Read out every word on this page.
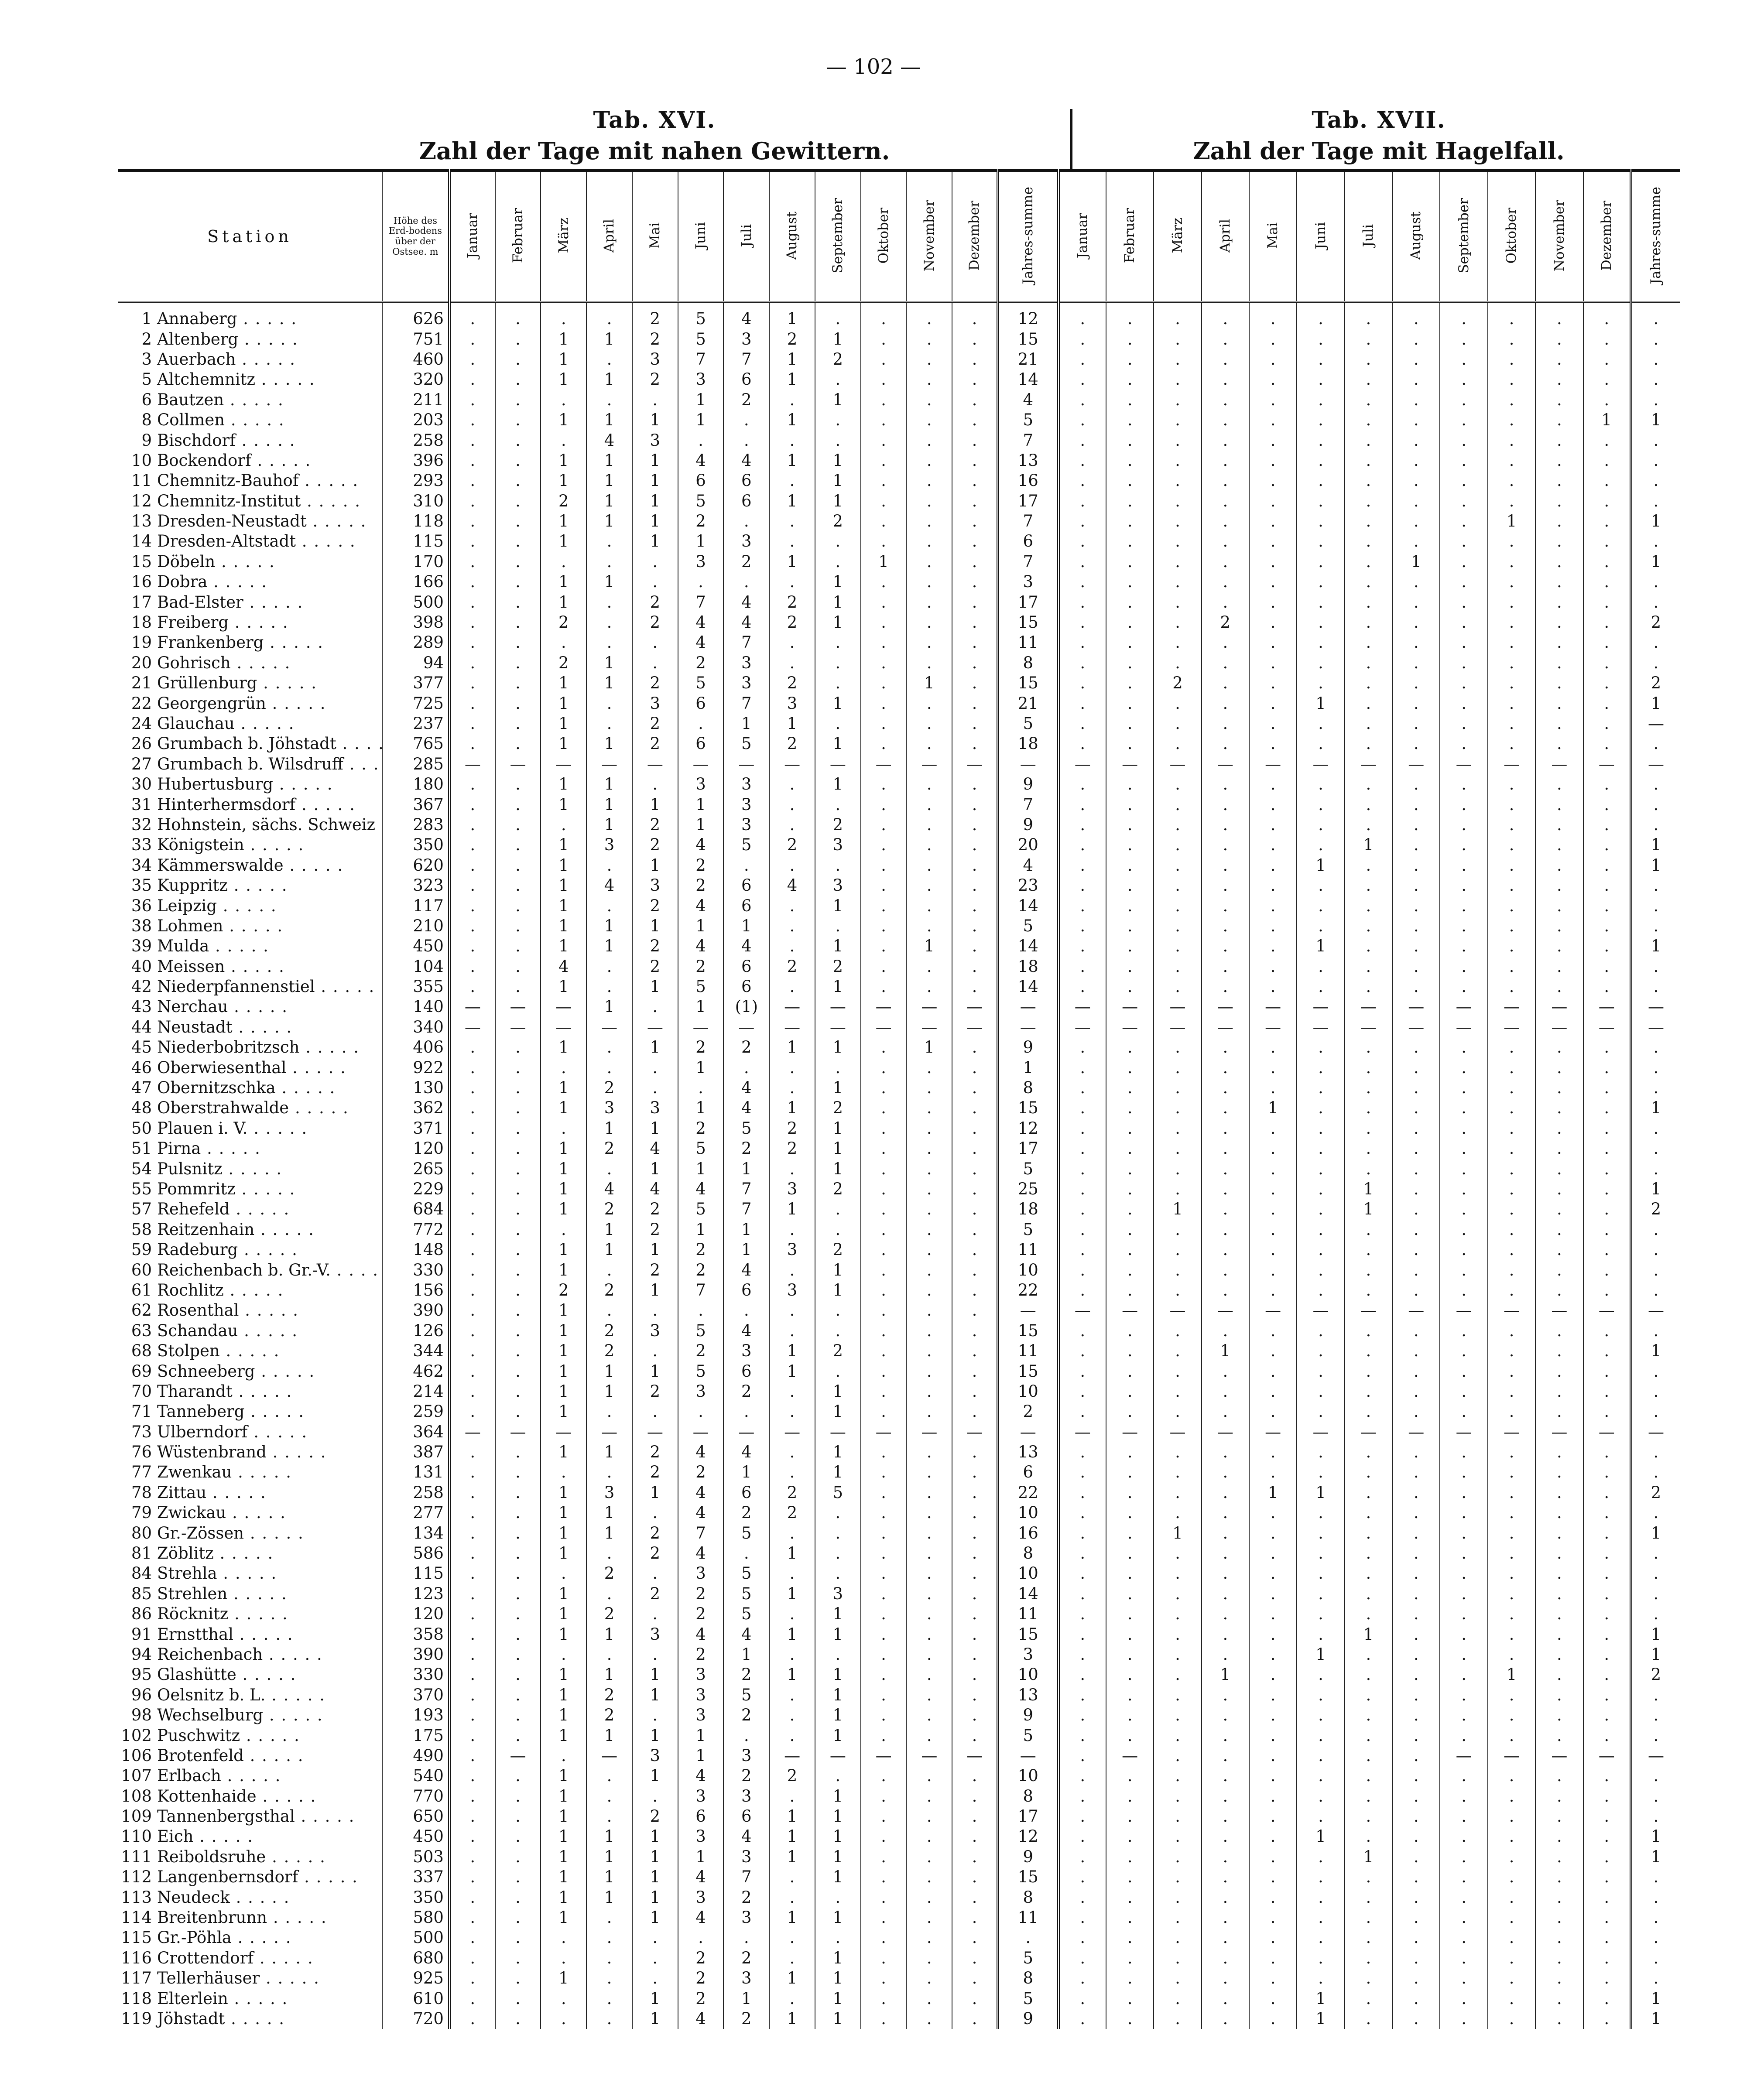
— 102 —
Tab. XVI.
Zahl der Tage mit nahen Gewittern.
Tab. XVII.
Zahl der Tage mit Hagelfall.
Station	Höhe des Erd-bodens über der Ostsee. m	Januar	Februar	März	April	Mai	Juni	Juli	August	September	Oktober	November	Dezember	Jahres-summe	Januar	Februar	März	April	Mai	Juni	Juli	August	September	Oktober	November	Dezember	Jahres-summe
1 Annaberg . .	626	.	.	.	.	2	5	4	1	.	.	.	.	12	.	.	.	.	.	.	.	.	.	.	.	.	.
2 Altenberg . .	751	.	.	1	1	2	5	3	2	1	.	.	.	15	.	.	.	.	.	.	.	.	.	.	.	.	.
3 Auerbach . .	460	.	.	1	.	3	7	7	1	2	.	.	.	21	.	.	.	.	.	.	.	.	.	.	.	.	.
5 Altchemnitz . .	320	.	.	1	1	2	3	6	1	.	.	.	.	14	.	.	.	.	.	.	.	.	.	.	.	.	.
6 Bautzen . .	211	.	.	.	.	.	1	2	.	1	.	.	.	4	.	.	.	.	.	.	.	.	.	.	.	.	.
8 Collmen . .	203	.	.	1	1	1	1	.	1	.	.	.	.	5	.	.	.	.	.	.	.	.	.	.	.	1	1
9 Bischdorf . .	258	.	.	.	4	3	.	.	.	.	.	.	.	7	.	.	.	.	.	.	.	.	.	.	.	.	.
10 Bockendorf . .	396	.	.	1	1	1	4	4	1	1	.	.	.	13	.	.	.	.	.	.	.	.	.	.	.	.	.
11 Chemnitz-Bauhof . .	293	.	.	1	1	1	6	6	.	1	.	.	.	16	.	.	.	.	.	.	.	.	.	.	.	.	.
12 Chemnitz-Institut . .	310	.	.	2	1	1	5	6	1	1	.	.	.	17	.	.	.	.	.	.	.	.	.	.	.	.	.
13 Dresden-Neustadt . .	118	.	.	1	1	1	2	.	.	2	.	.	.	7	.	.	.	.	.	.	.	.	.	1	.	.	1
14 Dresden-Altstadt . .	115	.	.	1	.	1	1	3	.	.	.	.	.	6	.	.	.	.	.	.	.	.	.	.	.	.	.
15 Döbeln . .	170	.	.	.	.	.	3	2	1	.	1	.	.	7	.	.	.	.	.	.	.	1	.	.	.	.	1
16 Dobra . .	166	.	.	1	1	.	.	.	.	1	.	.	.	3	.	.	.	.	.	.	.	.	.	.	.	.	.
17 Bad-Elster . .	500	.	.	1	.	2	7	4	2	1	.	.	.	17	.	.	.	.	.	.	.	.	.	.	.	.	.
18 Freiberg . .	398	.	.	2	.	2	4	4	2	1	.	.	.	15	.	.	.	2	.	.	.	.	.	.	.	.	2
19 Frankenberg . .	289	.	.	.	.	.	4	7	.	.	.	.	.	11	.	.	.	.	.	.	.	.	.	.	.	.	.
20 Gohrisch . .	94	.	.	2	1	.	2	3	.	.	.	.	.	8	.	.	.	.	.	.	.	.	.	.	.	.	.
21 Grüllenburg . .	377	.	.	1	1	2	5	3	2	.	.	1	.	15	.	.	2	.	.	.	.	.	.	.	.	.	2
22 Georgengrün . .	725	.	.	1	.	3	6	7	3	1	.	.	.	21	.	.	.	.	.	1	.	.	.	.	.	.	1
24 Glauchau . .	237	.	.	1	.	2	.	1	1	.	.	.	.	5	.	.	.	.	.	.	.	.	.	.	.	.	—
26 Grumbach b. Jöhstadt . .	765	.	.	1	1	2	6	5	2	1	.	.	.	18	.	.	.	.	.	.	.	.	.	.	.	.	.
27 Grumbach b. Wilsdruff . .	285	—	—	—	—	—	—	—	—	—	—	—	—	—	—	—	—	—	—	—	—	—	—	—	—	—	—
30 Hubertusburg . .	180	.	.	1	1	.	3	3	.	1	.	.	.	9	.	.	.	.	.	.	.	.	.	.	.	.	.
31 Hinterhermsdorf . .	367	.	.	1	1	1	1	3	.	.	.	.	.	7	.	.	.	.	.	.	.	.	.	.	.	.	.
32 Hohnstein, sächs. Schweiz . .	283	.	.	.	1	2	1	3	.	2	.	.	.	9	.	.	.	.	.	.	.	.	.	.	.	.	.
33 Königstein . .	350	.	.	1	3	2	4	5	2	3	.	.	.	20	.	.	.	.	.	.	1	.	.	.	.	.	1
34 Kämmerswalde . .	620	.	.	1	.	1	2	.	.	.	.	.	.	4	.	.	.	.	.	1	.	.	.	.	.	.	1
35 Kuppritz . .	323	.	.	1	4	3	2	6	4	3	.	.	.	23	.	.	.	.	.	.	.	.	.	.	.	.	.
36 Leipzig . .	117	.	.	1	.	2	4	6	.	1	.	.	.	14	.	.	.	.	.	.	.	.	.	.	.	.	.
38 Lohmen . .	210	.	.	1	1	1	1	1	.	.	.	.	.	5	.	.	.	.	.	.	.	.	.	.	.	.	.
39 Mulda . .	450	.	.	1	1	2	4	4	.	1	.	1	.	14	.	.	.	.	.	1	.	.	.	.	.	.	1
40 Meissen . .	104	.	.	4	.	2	2	6	2	2	.	.	.	18	.	.	.	.	.	.	.	.	.	.	.	.	.
42 Niederpfannenstiel . .	355	.	.	1	.	1	5	6	.	1	.	.	.	14	.	.	.	.	.	.	.	.	.	.	.	.	.
43 Nerchau . .	140	—	—	—	1	.	1	(1)	—	—	—	—	—	—	—	—	—	—	—	—	—	—	—	—	—	—	—
44 Neustadt . .	340	—	—	—	—	—	—	—	—	—	—	—	—	—	—	—	—	—	—	—	—	—	—	—	—	—	—
45 Niederbobritzsch . .	406	.	.	1	.	1	2	2	1	1	.	1	.	9	.	.	.	.	.	.	.	.	.	.	.	.	.
46 Oberwiesenthal . .	922	.	.	.	.	.	1	.	.	.	.	.	.	1	.	.	.	.	.	.	.	.	.	.	.	.	.
47 Obernitzschka . .	130	.	.	1	2	.	.	4	.	1	.	.	.	8	.	.	.	.	.	.	.	.	.	.	.	.	.
48 Oberstrahwalde . .	362	.	.	1	3	3	1	4	1	2	.	.	.	15	.	.	.	.	1	.	.	.	.	.	.	.	1
50 Plauen i. V. . .	371	.	.	.	1	1	2	5	2	1	.	.	.	12	.	.	.	.	.	.	.	.	.	.	.	.	.
51 Pirna . .	120	.	.	1	2	4	5	2	2	1	.	.	.	17	.	.	.	.	.	.	.	.	.	.	.	.	.
54 Pulsnitz . .	265	.	.	1	.	1	1	1	.	1	.	.	.	5	.	.	.	.	.	.	.	.	.	.	.	.	.
55 Pommritz . .	229	.	.	1	4	4	4	7	3	2	.	.	.	25	.	.	.	.	.	.	1	.	.	.	.	.	1
57 Rehefeld . .	684	.	.	1	2	2	5	7	1	.	.	.	.	18	.	.	1	.	.	.	1	.	.	.	.	.	2
58 Reitzenhain . .	772	.	.	.	1	2	1	1	.	.	.	.	.	5	.	.	.	.	.	.	.	.	.	.	.	.	.
59 Radeburg . .	148	.	.	1	1	1	2	1	3	2	.	.	.	11	.	.	.	.	.	.	.	.	.	.	.	.	.
60 Reichenbach b. Gr.-V. . .	330	.	.	1	.	2	2	4	.	1	.	.	.	10	.	.	.	.	.	.	.	.	.	.	.	.	.
61 Rochlitz . .	156	.	.	2	2	1	7	6	3	1	.	.	.	22	.	.	.	.	.	.	.	.	.	.	.	.	.
62 Rosenthal . .	390	.	.	1	.	.	.	.	.	.	.	.	.	—	—	—	—	—	—	—	—	—	—	—	—	—	—
63 Schandau . .	126	.	.	1	2	3	5	4	.	.	.	.	.	15	.	.	.	.	.	.	.	.	.	.	.	.	.
68 Stolpen . .	344	.	.	1	2	.	2	3	1	2	.	.	.	11	.	.	.	1	.	.	.	.	.	.	.	.	1
69 Schneeberg . .	462	.	.	1	1	1	5	6	1	.	.	.	.	15	.	.	.	.	.	.	.	.	.	.	.	.	.
70 Tharandt . .	214	.	.	1	1	2	3	2	.	1	.	.	.	10	.	.	.	.	.	.	.	.	.	.	.	.	.
71 Tanneberg . .	259	.	.	1	.	.	.	.	.	1	.	.	.	2	.	.	.	.	.	.	.	.	.	.	.	.	.
73 Ulberndorf . .	364	—	—	—	—	—	—	—	—	—	—	—	—	—	—	—	—	—	—	—	—	—	—	—	—	—	—
76 Wüstenbrand . .	387	.	.	1	1	2	4	4	.	1	.	.	.	13	.	.	.	.	.	.	.	.	.	.	.	.	.
77 Zwenkau . .	131	.	.	.	.	2	2	1	.	1	.	.	.	6	.	.	.	.	.	.	.	.	.	.	.	.	.
78 Zittau . .	258	.	.	1	3	1	4	6	2	5	.	.	.	22	.	.	.	.	1	1	.	.	.	.	.	.	2
79 Zwickau . .	277	.	.	1	1	.	4	2	2	.	.	.	.	10	.	.	.	.	.	.	.	.	.	.	.	.	.
80 Gr.-Zössen . .	134	.	.	1	1	2	7	5	.	.	.	.	.	16	.	.	1	.	.	.	.	.	.	.	.	.	1
81 Zöblitz . .	586	.	.	1	.	2	4	.	1	.	.	.	.	8	.	.	.	.	.	.	.	.	.	.	.	.	.
84 Strehla . .	115	.	.	.	2	.	3	5	.	.	.	.	.	10	.	.	.	.	.	.	.	.	.	.	.	.	.
85 Strehlen . .	123	.	.	1	.	2	2	5	1	3	.	.	.	14	.	.	.	.	.	.	.	.	.	.	.	.	.
86 Röcknitz . .	120	.	.	1	2	.	2	5	.	1	.	.	.	11	.	.	.	.	.	.	.	.	.	.	.	.	.
91 Ernstthal . .	358	.	.	1	1	3	4	4	1	1	.	.	.	15	.	.	.	.	.	.	1	.	.	.	.	.	1
94 Reichenbach . .	390	.	.	.	.	.	2	1	.	.	.	.	.	3	.	.	.	.	.	1	.	.	.	.	.	.	1
95 Glashütte . .	330	.	.	1	1	1	3	2	1	1	.	.	.	10	.	.	.	1	.	.	.	.	.	1	.	.	2
96 Oelsnitz b. L. . .	370	.	.	1	2	1	3	5	.	1	.	.	.	13	.	.	.	.	.	.	.	.	.	.	.	.	.
98 Wechselburg . .	193	.	.	1	2	.	3	2	.	1	.	.	.	9	.	.	.	.	.	.	.	.	.	.	.	.	.
102 Puschwitz . .	175	.	.	1	1	1	1	.	.	1	.	.	.	5	.	.	.	.	.	.	.	.	.	.	.	.	.
106 Brotenfeld . .	490	.	—	.	—	3	1	3	—	—	—	—	—	—	.	—	.	.	.	.	.	.	—	—	—	—	—
107 Erlbach . .	540	.	.	1	.	1	4	2	2	.	.	.	.	10	.	.	.	.	.	.	.	.	.	.	.	.	.
108 Kottenhaide . .	770	.	.	1	.	.	3	3	.	1	.	.	.	8	.	.	.	.	.	.	.	.	.	.	.	.	.
109 Tannenbergsthal . .	650	.	.	1	.	2	6	6	1	1	.	.	.	17	.	.	.	.	.	.	.	.	.	.	.	.	.
110 Eich . .	450	.	.	1	1	1	3	4	1	1	.	.	.	12	.	.	.	.	.	1	.	.	.	.	.	.	1
111 Reiboldsruhe . .	503	.	.	1	1	1	1	3	1	1	.	.	.	9	.	.	.	.	.	.	1	.	.	.	.	.	1
112 Langenbernsdorf . .	337	.	.	1	1	1	4	7	.	1	.	.	.	15	.	.	.	.	.	.	.	.	.	.	.	.	.
113 Neudeck . .	350	.	.	1	1	1	3	2	.	.	.	.	.	8	.	.	.	.	.	.	.	.	.	.	.	.	.
114 Breitenbrunn . .	580	.	.	1	.	1	4	3	1	1	.	.	.	11	.	.	.	.	.	.	.	.	.	.	.	.	.
115 Gr.-Pöhla . .	500	.	.	.	.	.	.	.	.	.	.	.	.	.	.	.	.	.	.	.	.	.	.	.	.	.	.
116 Crottendorf . .	680	.	.	.	.	.	2	2	.	1	.	.	.	5	.	.	.	.	.	.	.	.	.	.	.	.	.
117 Tellerhäuser . .	925	.	.	1	.	.	2	3	1	1	.	.	.	8	.	.	.	.	.	.	.	.	.	.	.	.	.
118 Elterlein . .	610	.	.	.	.	1	2	1	.	1	.	.	.	5	.	.	.	.	.	1	.	.	.	.	.	.	1
119 Jöhstadt . .	720	.	.	.	.	1	4	2	1	1	.	.	.	9	.	.	.	.	.	1	.	.	.	.	.	.	1
